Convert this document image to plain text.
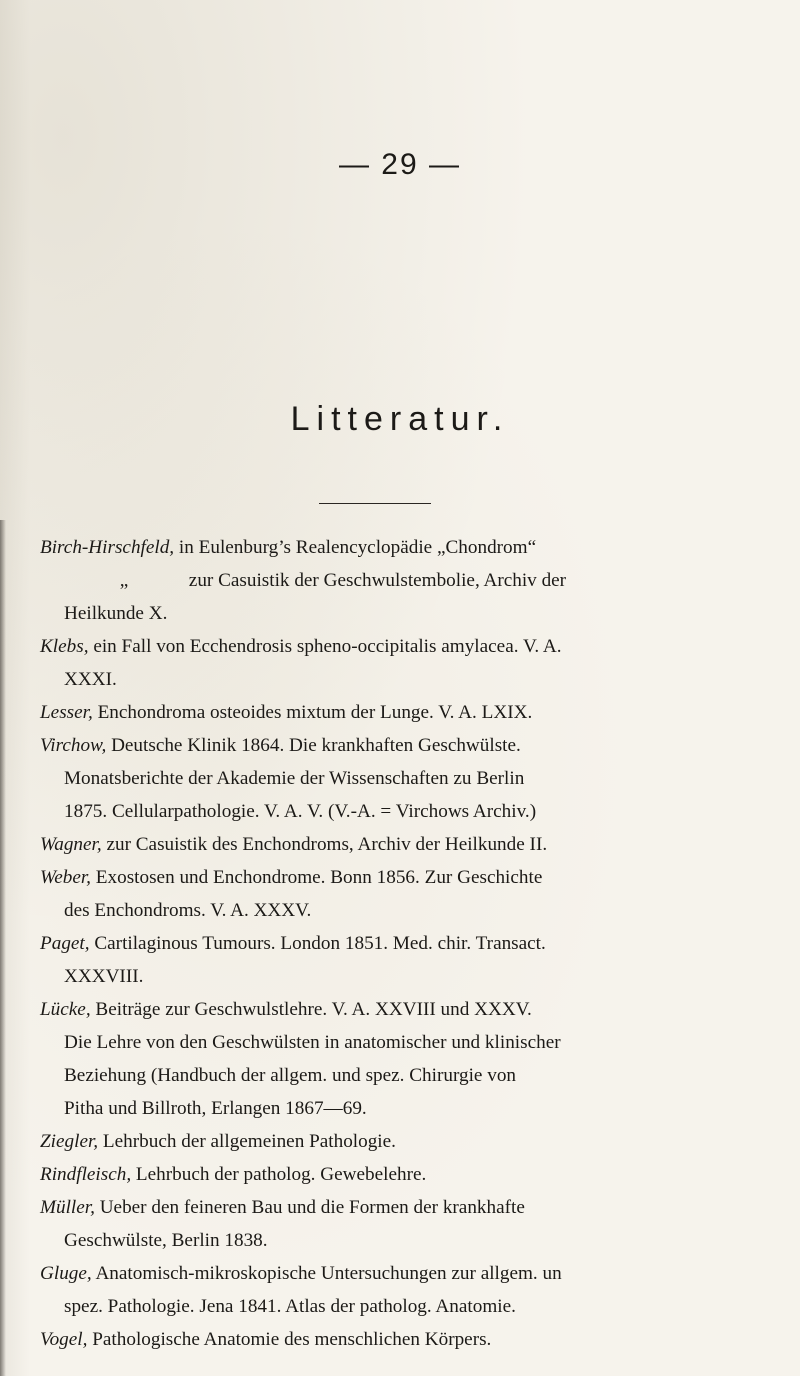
— 29 —
Litteratur.
Birch-Hirschfeld, in Eulenburg’s Realencyclopädie „Chondrom“
„	zur Casuistik der Geschwulstembolie, Archiv der
Heilkunde X.
Klebs, ein Fall von Ecchendrosis spheno-occipitalis amylacea. V. A.
XXXI.
Lesser, Enchondroma osteoides mixtum der Lunge. V. A. LXIX.
Virchow, Deutsche Klinik 1864. Die krankhaften Geschwülste.
Monatsberichte der Akademie der Wissenschaften zu Berlin
1875. Cellularpathologie. V. A. V. (V.-A. = Virchows Archiv.)
Wagner, zur Casuistik des Enchondroms, Archiv der Heilkunde II.
Weber, Exostosen und Enchondrome. Bonn 1856. Zur Geschichte
des Enchondroms. V. A. XXXV.
Paget, Cartilaginous Tumours. London 1851. Med. chir. Transact.
XXXVIII.
Lücke, Beiträge zur Geschwulstlehre. V. A. XXVIII und XXXV.
Die Lehre von den Geschwülsten in anatomischer und klinischer
Beziehung (Handbuch der allgem. und spez. Chirurgie von
Pitha und Billroth, Erlangen 1867—69.
Ziegler, Lehrbuch der allgemeinen Pathologie.
Rindfleisch, Lehrbuch der patholog. Gewebelehre.
Müller, Ueber den feineren Bau und die Formen der krankhafte
Geschwülste, Berlin 1838.
Gluge, Anatomisch-mikroskopische Untersuchungen zur allgem. un
spez. Pathologie. Jena 1841. Atlas der patholog. Anatomie.
Vogel, Pathologische Anatomie des menschlichen Körpers.
